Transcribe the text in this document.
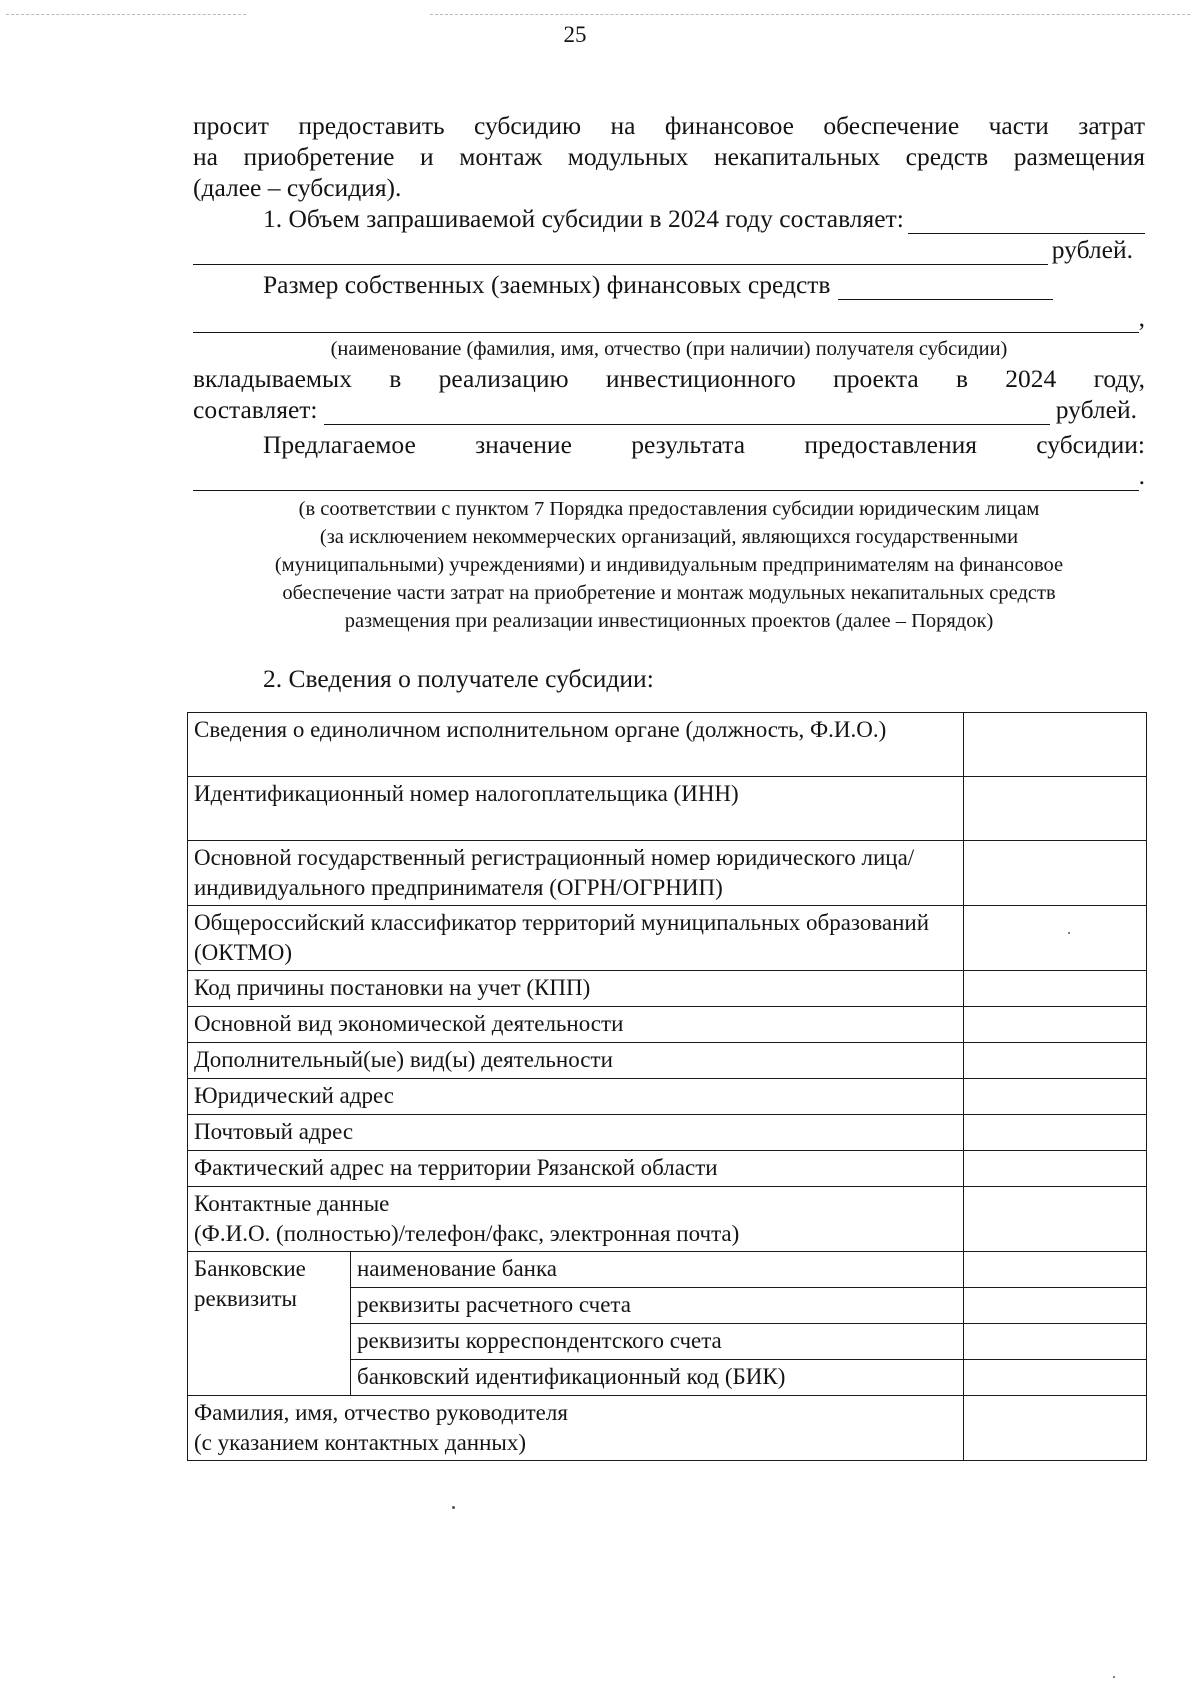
25

просит предоставить субсидию на финансовое обеспечение части затрат

на приобретение и монтаж модульных некапитальных средств размещения

(далее – субсидия).

1. Объем запрашиваемой субсидии в 2024 году составляет:
рублей.
Размер собственных (заемных) финансовых средств
,
(наименование (фамилия, имя, отчество (при наличии) получателя субсидии)

вкладываемых в реализацию инвестиционного проекта в 2024 году,

составляет:	рублей.

Предлагаемое значение результата предоставления субсидии:

.
(в соответствии с пунктом 7 Порядка предоставления субсидии юридическим лицам
(за исключением некоммерческих организаций, являющихся государственными
(муниципальными) учреждениями) и индивидуальным предпринимателям на финансовое
обеспечение части затрат на приобретение и монтаж модульных некапитальных средств
размещения при реализации инвестиционных проектов (далее – Порядок)
2. Сведения о получателе субсидии:
Сведения о единоличном исполнительном органе (должность, Ф.И.О.)		
Идентификационный номер налогоплательщика (ИНН)		
Основной государственный регистрационный номер юридического лица/индивидуального предпринимателя (ОГРН/ОГРНИП)		
Общероссийский классификатор территорий муниципальных образований (ОКТМО)		
Код причины постановки на учет (КПП)		
Основной вид экономической деятельности		
Дополнительный(ые) вид(ы) деятельности		
Юридический адрес		
Почтовый адрес		
Фактический адрес на территории Рязанской области		

Контактные данные
(Ф.И.О. (полностью)/телефон/факс, электронная почта)		

Банковские реквизиты	наименование банка	
	реквизиты расчетного счета	
	реквизиты корреспондентского счета	
	банковский идентификационный код (БИК)	

Фамилия, имя, отчество руководителя
(с указанием контактных данных)		
